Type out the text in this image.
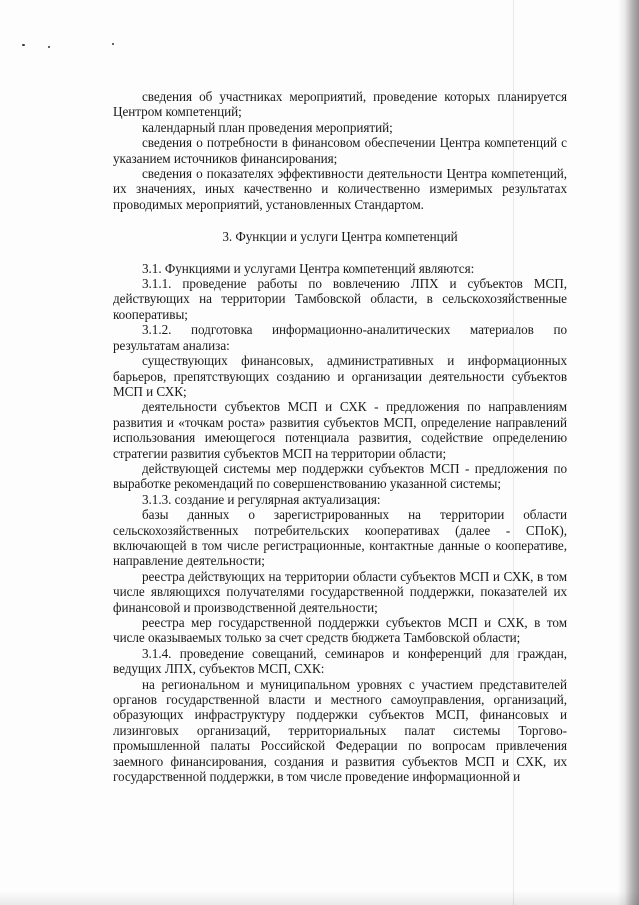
сведения об участниках мероприятий, проведение которых планируется Центром компетенций;

календарный план проведения мероприятий;

сведения о потребности в финансовом обеспечении Центра компетенций с указанием источников финансирования;

сведения о показателях эффективности деятельности Центра компетенций, их значениях, иных качественно и количественно измеримых результатах проводимых мероприятий, установленных Стандартом.

3. Функции и услуги Центра компетенций

3.1. Функциями и услугами Центра компетенций являются:

3.1.1. проведение работы по вовлечению ЛПХ и субъектов МСП, действующих на территории Тамбовской области, в сельскохозяйственные кооперативы;

3.1.2. подготовка информационно-аналитических материалов по результатам анализа:

существующих финансовых, административных и информационных барьеров, препятствующих созданию и организации деятельности субъектов МСП и СХК;

деятельности субъектов МСП и СХК - предложения по направлениям развития и «точкам роста» развития субъектов МСП, определение направлений использования имеющегося потенциала развития, содействие определению стратегии развития субъектов МСП на территории области;

действующей системы мер поддержки субъектов МСП - предложения по выработке рекомендаций по совершенствованию указанной системы;

3.1.3. создание и регулярная актуализация:

базы данных о зарегистрированных на территории области сельскохозяйственных потребительских кооперативах (далее - СПоК), включающей в том числе регистрационные, контактные данные о кооперативе, направление деятельности;

реестра действующих на территории области субъектов МСП и СХК, в том числе являющихся получателями государственной поддержки, показателей их финансовой и производственной деятельности;

реестра мер государственной поддержки субъектов МСП и СХК, в том числе оказываемых только за счет средств бюджета Тамбовской области;

3.1.4. проведение совещаний, семинаров и конференций для граждан, ведущих ЛПХ, субъектов МСП, СХК:

на региональном и муниципальном уровнях с участием представителей органов государственной власти и местного самоуправления, организаций, образующих инфраструктуру поддержки субъектов МСП, финансовых и лизинговых организаций, территориальных палат системы Торгово-промышленной палаты Российской Федерации по вопросам привлечения заемного финансирования, создания и развития субъектов МСП и СХК, их государственной поддержки, в том числе проведение информационной и
